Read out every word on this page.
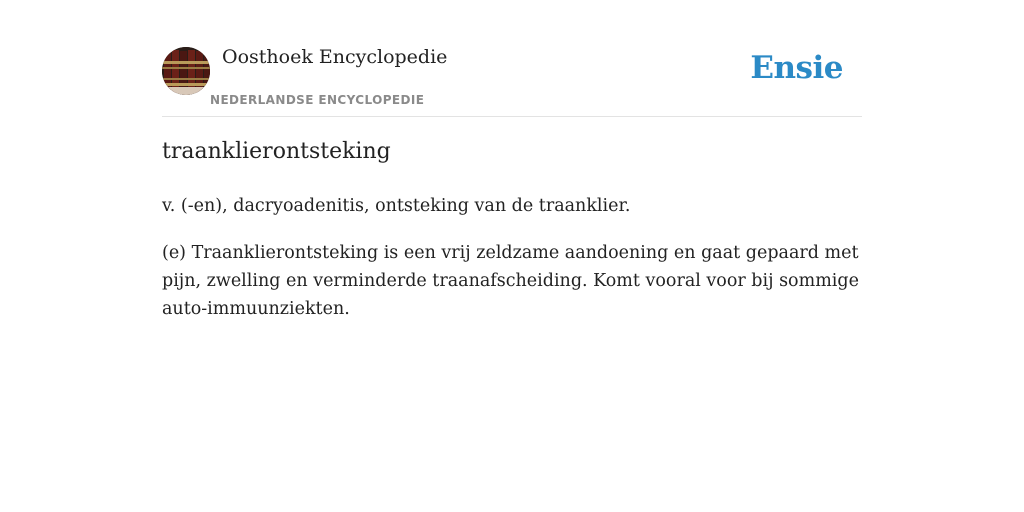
Oosthoek Encyclopedie
NEDERLANDSE ENCYCLOPEDIE
Ensie
traanklierontsteking

v. (-en), dacryoadenitis, ontsteking van de traanklier.

(e) Traanklierontsteking is een vrij zeldzame aandoening en gaat gepaard met pijn, zwelling en verminderde traanafscheiding. Komt vooral voor bij sommige auto-immuunziekten.
